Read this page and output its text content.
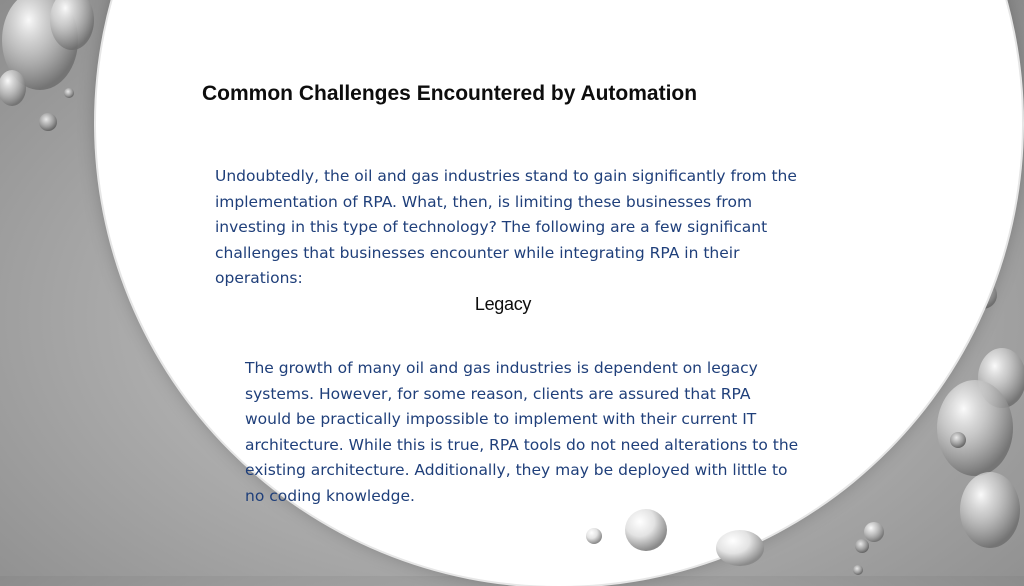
Common Challenges Encountered by Automation
Undoubtedly, the oil and gas industries stand to gain significantly from the implementation of RPA. What, then, is limiting these businesses from investing in this type of technology? The following are a few significant challenges that businesses encounter while integrating RPA in their operations:
Legacy
The growth of many oil and gas industries is dependent on legacy systems. However, for some reason, clients are assured that RPA would be practically impossible to implement with their current IT architecture. While this is true, RPA tools do not need alterations to the existing architecture. Additionally, they may be deployed with little to no coding knowledge.
